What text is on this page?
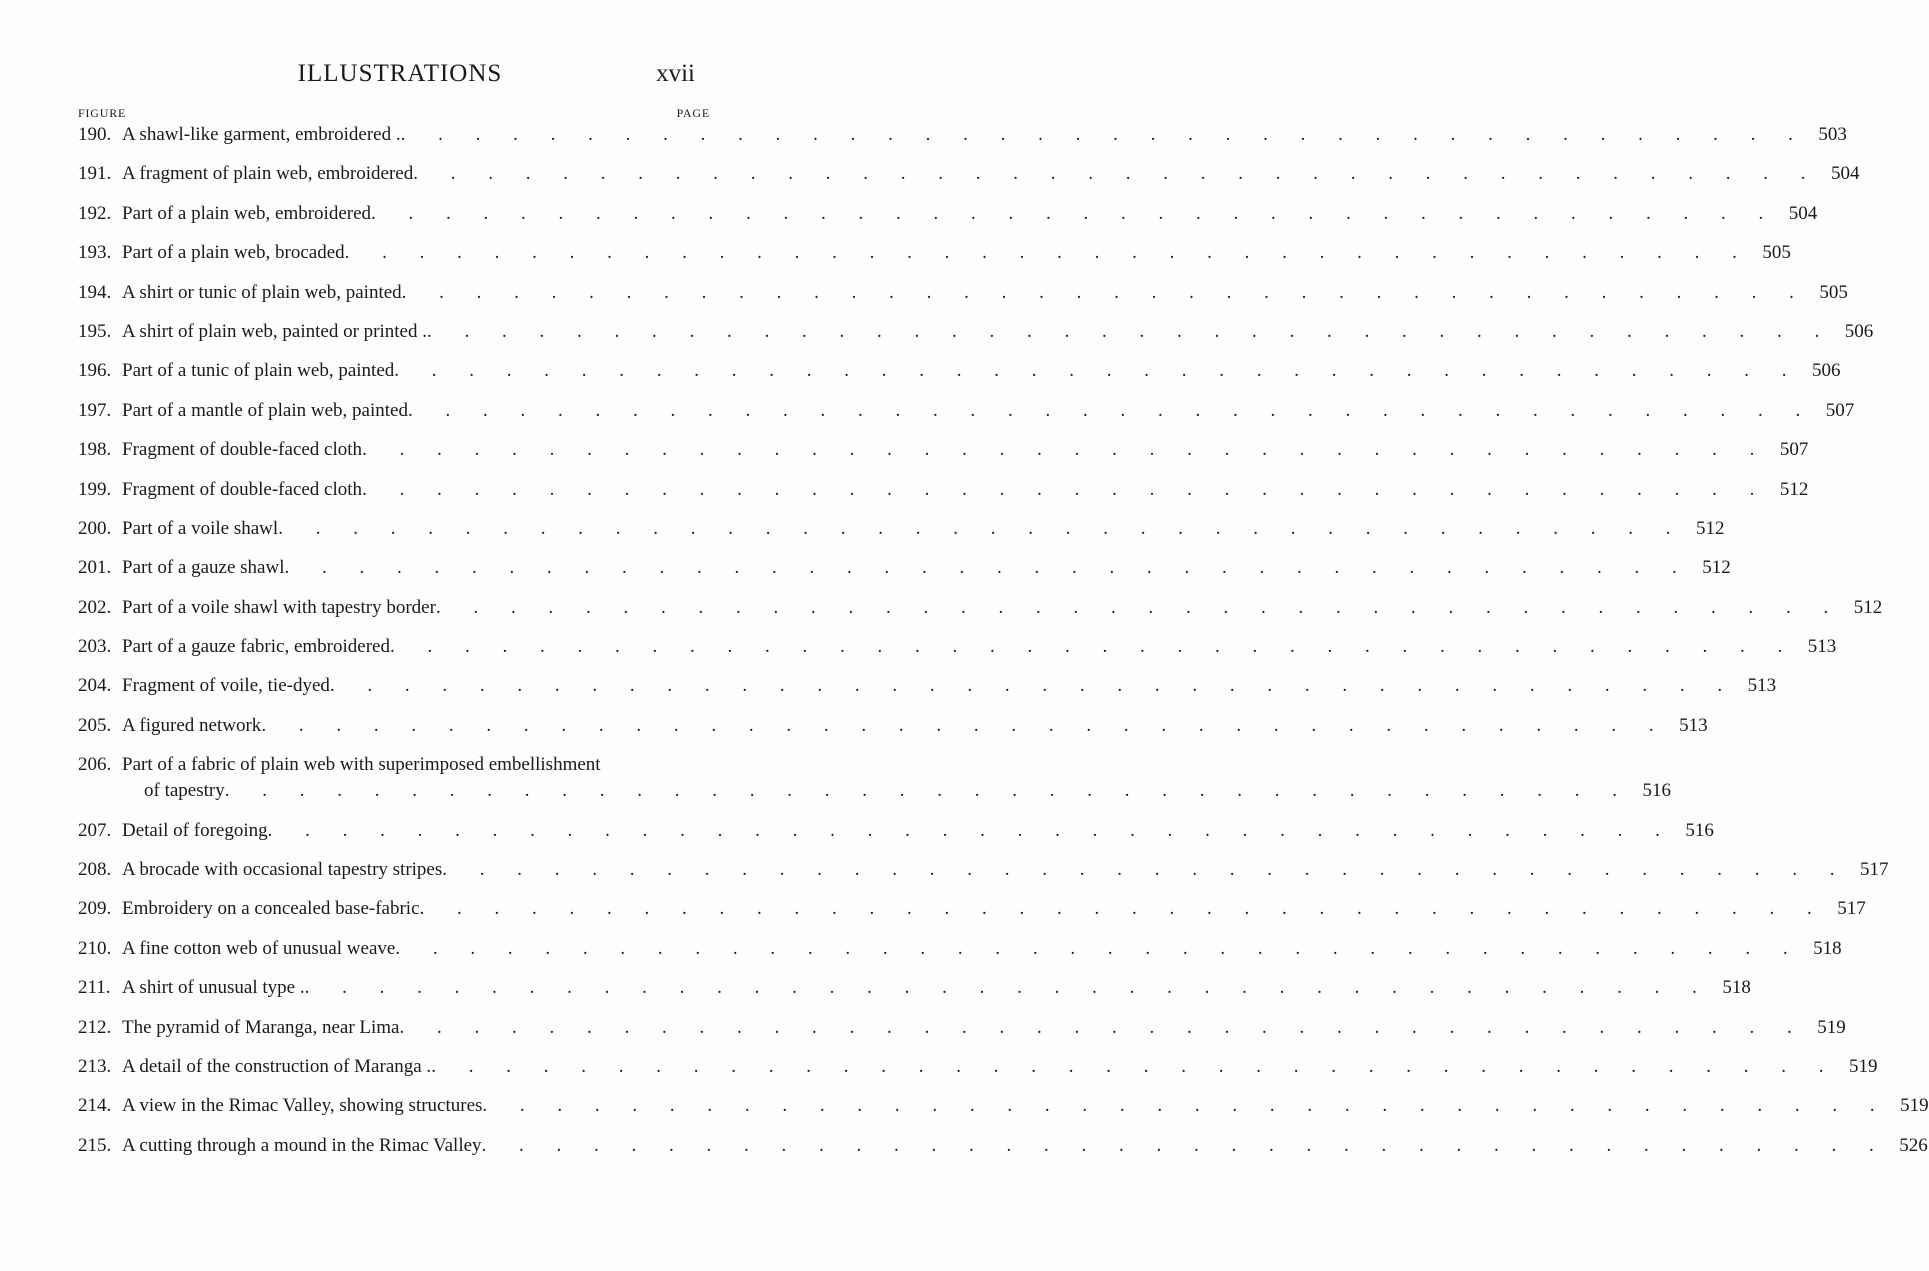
ILLUSTRATIONS	xvii
FIGURE	PAGE
190. A shawl-like garment, embroidered . . . . . . . . . . . . . . . . . . . . . . . . . . . . . . . . . . . . . . . 503
191. A fragment of plain web, embroidered . . . . . . . . . . . . . . . . . . . . . . . . . . . . . . . . . . . . . . 504
192. Part of a plain web, embroidered . . . . . . . . . . . . . . . . . . . . . . . . . . . . . . . . . . . . . . 504
193. Part of a plain web, brocaded . . . . . . . . . . . . . . . . . . . . . . . . . . . . . . . . . . . . . . 505
194. A shirt or tunic of plain web, painted . . . . . . . . . . . . . . . . . . . . . . . . . . . . . . . . . . . . . . 505
195. A shirt of plain web, painted or printed . . . . . . . . . . . . . . . . . . . . . . . . . . . . . . . . . . . . . . . 506
196. Part of a tunic of plain web, painted . . . . . . . . . . . . . . . . . . . . . . . . . . . . . . . . . . . . . . 506
197. Part of a mantle of plain web, painted . . . . . . . . . . . . . . . . . . . . . . . . . . . . . . . . . . . . . . 507
198. Fragment of double-faced cloth . . . . . . . . . . . . . . . . . . . . . . . . . . . . . . . . . . . . . . 507
199. Fragment of double-faced cloth . . . . . . . . . . . . . . . . . . . . . . . . . . . . . . . . . . . . . . 512
200. Part of a voile shawl . . . . . . . . . . . . . . . . . . . . . . . . . . . . . . . . . . . . . . 512
201. Part of a gauze shawl . . . . . . . . . . . . . . . . . . . . . . . . . . . . . . . . . . . . . . 512
202. Part of a voile shawl with tapestry border . . . . . . . . . . . . . . . . . . . . . . . . . . . . . . . . . . . . . . 512
203. Part of a gauze fabric, embroidered . . . . . . . . . . . . . . . . . . . . . . . . . . . . . . . . . . . . . . 513
204. Fragment of voile, tie-dyed . . . . . . . . . . . . . . . . . . . . . . . . . . . . . . . . . . . . . . 513
205. A figured network . . . . . . . . . . . . . . . . . . . . . . . . . . . . . . . . . . . . . . 513
206. Part of a fabric of plain web with superimposed embellishment
of tapestry . . . . . . . . . . . . . . . . . . . . . . . . . . . . . . . . . . . . . . 516
207. Detail of foregoing . . . . . . . . . . . . . . . . . . . . . . . . . . . . . . . . . . . . . . 516
208. A brocade with occasional tapestry stripes . . . . . . . . . . . . . . . . . . . . . . . . . . . . . . . . . . . . . . 517
209. Embroidery on a concealed base-fabric . . . . . . . . . . . . . . . . . . . . . . . . . . . . . . . . . . . . . . 517
210. A fine cotton web of unusual weave . . . . . . . . . . . . . . . . . . . . . . . . . . . . . . . . . . . . . . 518
211. A shirt of unusual type . . . . . . . . . . . . . . . . . . . . . . . . . . . . . . . . . . . . . . . 518
212. The pyramid of Maranga, near Lima . . . . . . . . . . . . . . . . . . . . . . . . . . . . . . . . . . . . . . 519
213. A detail of the construction of Maranga . . . . . . . . . . . . . . . . . . . . . . . . . . . . . . . . . . . . . . . 519
214. A view in the Rimac Valley, showing structures . . . . . . . . . . . . . . . . . . . . . . . . . . . . . . . . . . . . . . 519
215. A cutting through a mound in the Rimac Valley . . . . . . . . . . . . . . . . . . . . . . . . . . . . . . . . . . . . . . 526
